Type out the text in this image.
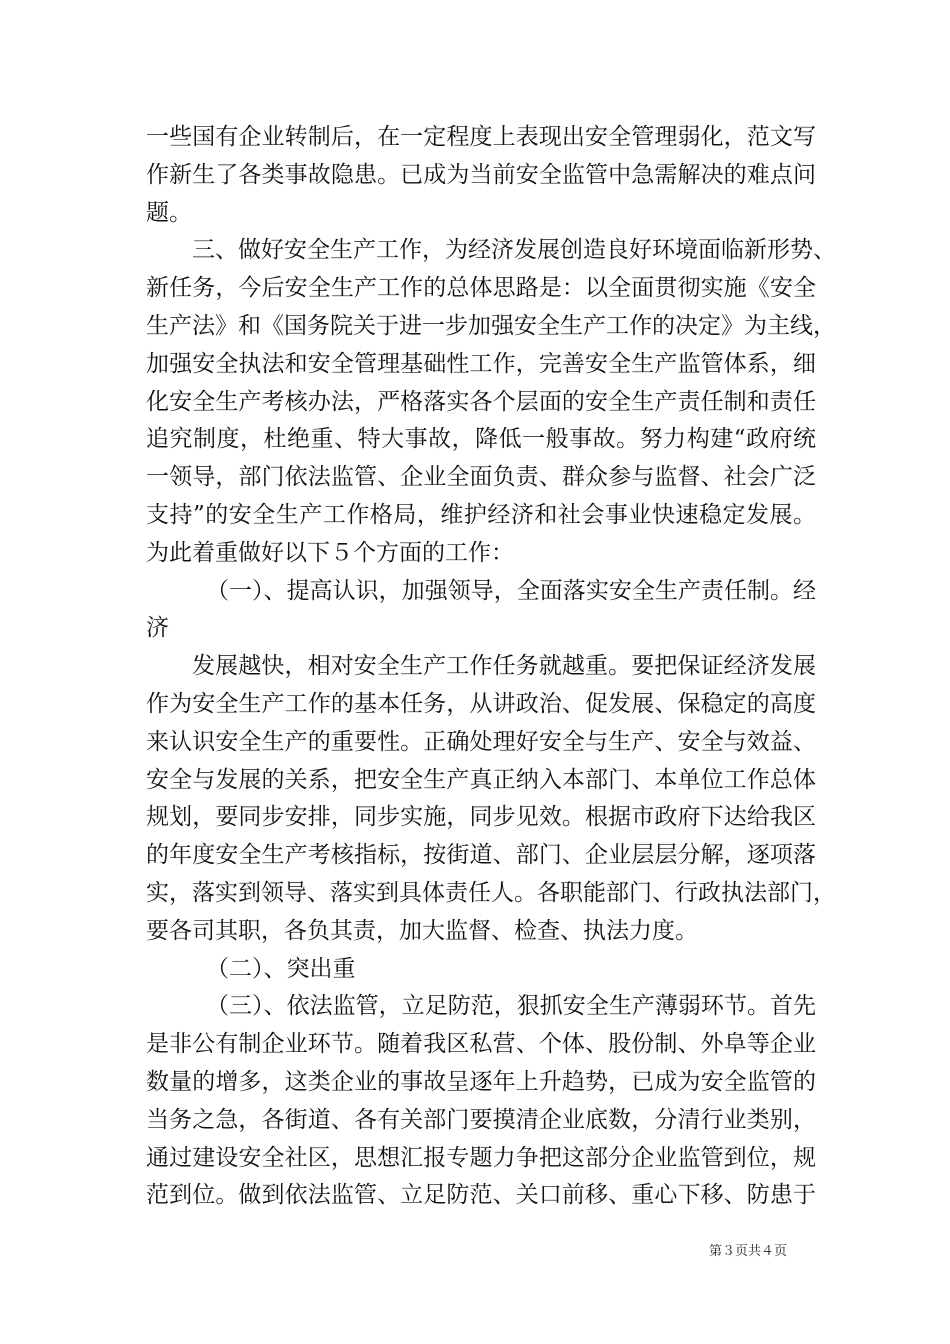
一些国有企业转制后，在一定程度上表现出安全管理弱化，范文写
作新生了各类事故隐患。已成为当前安全监管中急需解决的难点问
题。
三、做好安全生产工作，为经济发展创造良好环境面临新形势、
新任务，今后安全生产工作的总体思路是：以全面贯彻实施《安全
生产法》和《国务院关于进一步加强安全生产工作的决定》为主线，
加强安全执法和安全管理基础性工作，完善安全生产监管体系，细
化安全生产考核办法，严格落实各个层面的安全生产责任制和责任
追究制度，杜绝重、特大事故，降低一般事故。努力构建“政府统
一领导，部门依法监管、企业全面负责、群众参与监督、社会广泛
支持”的安全生产工作格局，维护经济和社会事业快速稳定发展。
为此着重做好以下５个方面的工作：
（一）、提高认识，加强领导，全面落实安全生产责任制。经
济
发展越快，相对安全生产工作任务就越重。要把保证经济发展
作为安全生产工作的基本任务，从讲政治、促发展、保稳定的高度
来认识安全生产的重要性。正确处理好安全与生产、安全与效益、
安全与发展的关系，把安全生产真正纳入本部门、本单位工作总体
规划，要同步安排，同步实施，同步见效。根据市政府下达给我区
的年度安全生产考核指标，按街道、部门、企业层层分解，逐项落
实，落实到领导、落实到具体责任人。各职能部门、行政执法部门，
要各司其职，各负其责，加大监督、检查、执法力度。
（二）、突出重
（三）、依法监管，立足防范，狠抓安全生产薄弱环节。首先
是非公有制企业环节。随着我区私营、个体、股份制、外阜等企业
数量的增多，这类企业的事故呈逐年上升趋势，已成为安全监管的
当务之急，各街道、各有关部门要摸清企业底数，分清行业类别，
通过建设安全社区，思想汇报专题力争把这部分企业监管到位，规
范到位。做到依法监管、立足防范、关口前移、重心下移、防患于
第３页共４页
